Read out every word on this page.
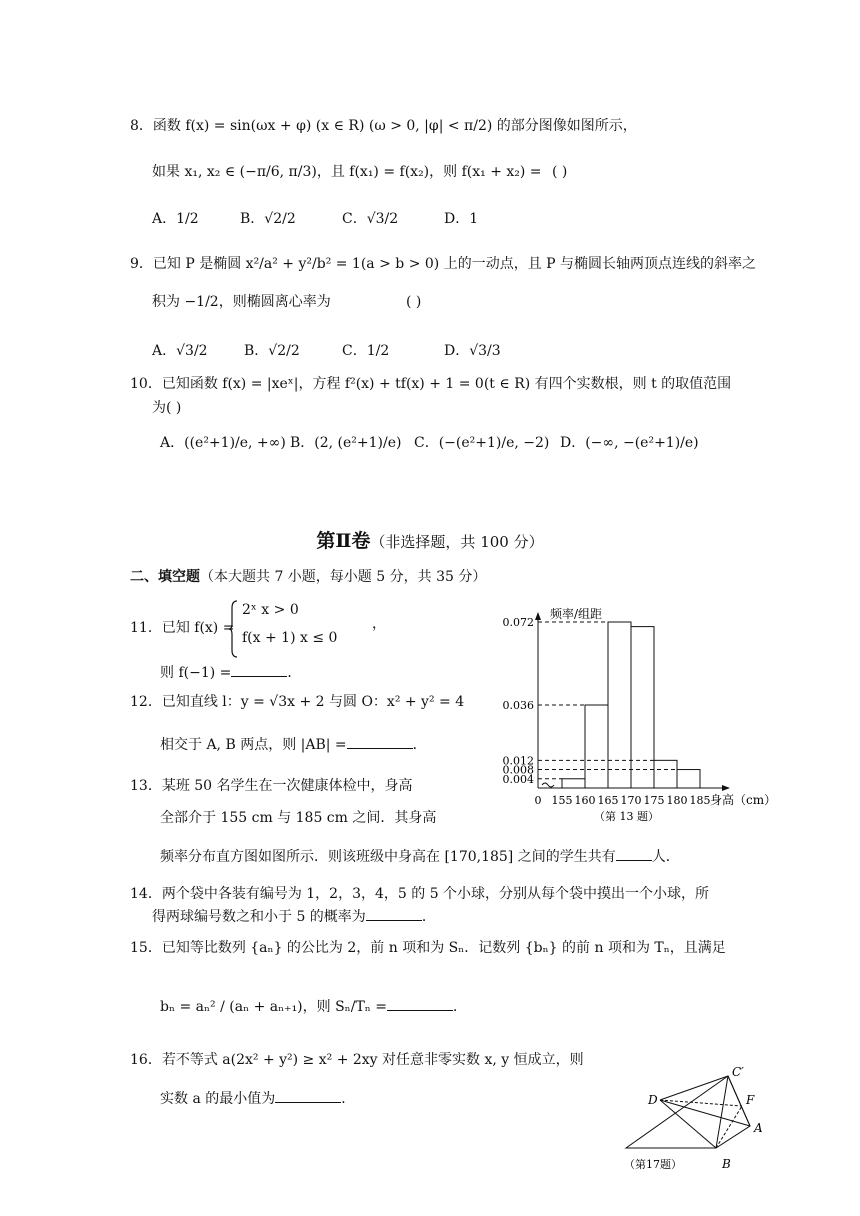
8．函数 f(x) = sin(ωx + φ) (x ∈ R) (ω > 0, |φ| < π/2) 的部分图像如图所示，
如果 x₁, x₂ ∈ (−π/6, π/3)，且 f(x₁) = f(x₂)，则 f(x₁ + x₂) = ( )
A．1/2	B．√2/2	C．√3/2	D．1
9．已知 P 是椭圆 x²/a² + y²/b² = 1(a > b > 0) 上的一动点，且 P 与椭圆长轴两顶点连线的斜率之
积为 −1/2，则椭圆离心率为	( )
A．√3/2	B．√2/2	C．1/2	D．√3/3
10．已知函数 f(x) = |xeˣ|，方程 f²(x) + tf(x) + 1 = 0(t ∈ R) 有四个实数根，则 t 的取值范围
为( )
A．((e²+1)/e, +∞) B．(2, (e²+1)/e) C．(−(e²+1)/e, −2) D．(−∞, −(e²+1)/e)
第Ⅱ卷（非选择题，共 100 分）
二、填空题（本大题共 7 小题，每小题 5 分，共 35 分）
11．已知 f(x) =
2ˣ x > 0
f(x + 1) x ≤ 0
，
则 f(−1) =	．
12．已知直线 l：y = √3x + 2 与圆 O：x² + y² = 4
相交于 A, B 两点，则 |AB| =	．
13．某班 50 名学生在一次健康体检中，身高
全部介于 155 cm 与 185 cm 之间．其身高
频率分布直方图如图所示．则该班级中身高在 [170,185] 之间的学生共有	人．
14．两个袋中各装有编号为 1，2，3，4，5 的 5 个小球，分别从每个袋中摸出一个小球，所
得两球编号数之和小于 5 的概率为	．
15．已知等比数列 {aₙ} 的公比为 2，前 n 项和为 Sₙ．记数列 {bₙ} 的前 n 项和为 Tₙ，且满足
bₙ = aₙ² / (aₙ + aₙ₊₁)，则 Sₙ/Tₙ =	．
16．若不等式 a(2x² + y²) ≥ x² + 2xy 对任意非零实数 x, y 恒成立，则
实数 a 的最小值为	．
0.072
0.036
0.012
0.008
0.004
155 160 165 170 175 180 185
0
频率/组距
身高（cm）
（第 13 题）
C′
F
D
A
B
（第17题）
